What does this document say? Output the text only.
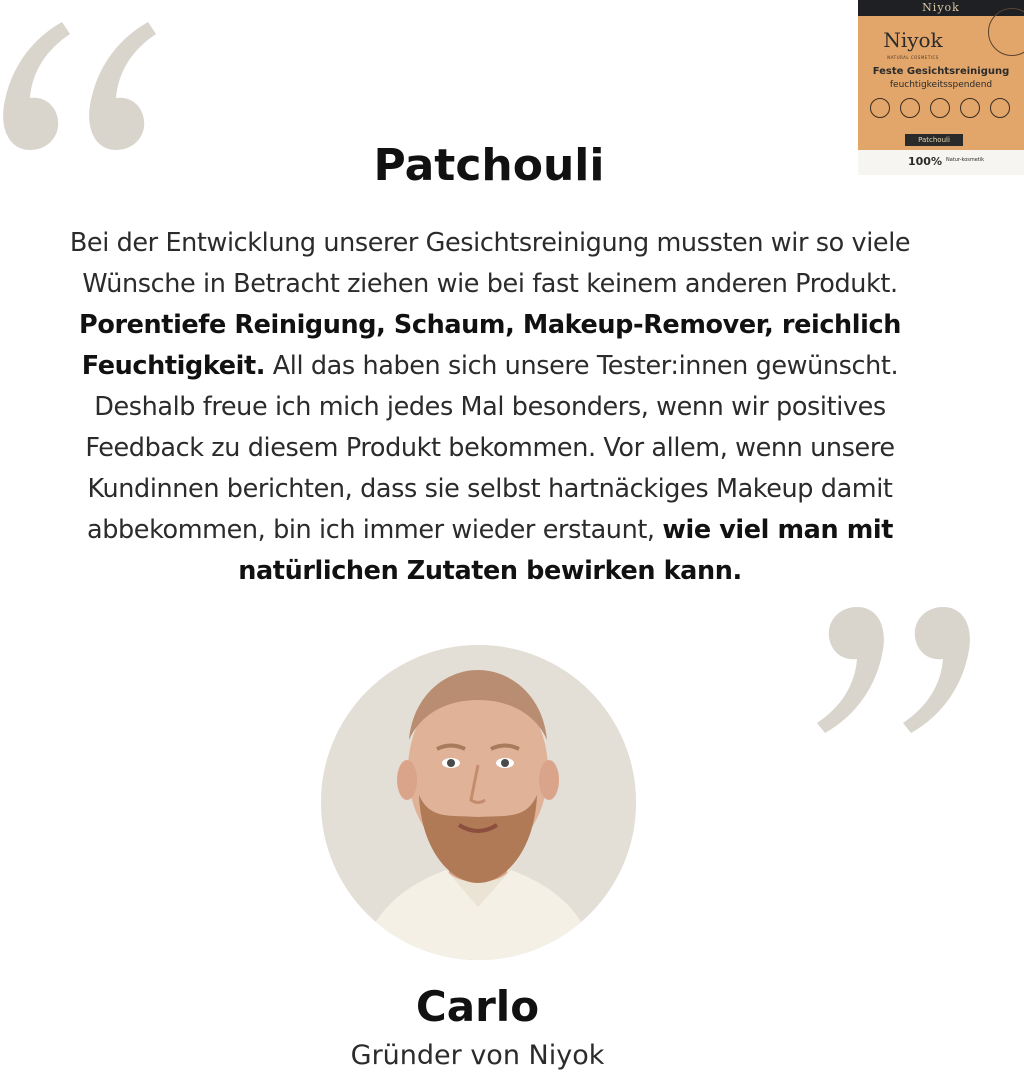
Niyok
Niyok
NATURAL COSMETICS
Feste Gesichtsreinigung
feuchtigkeitsspendend
Patchouli
100% Natur-kosmetik
Patchouli

Bei der Entwicklung unserer Gesichtsreinigung mussten wir so viele Wünsche in Betracht ziehen wie bei fast keinem anderen Produkt. Porentiefe Reinigung, Schaum, Makeup-Remover, reichlich Feuchtigkeit. All das haben sich unsere Tester:innen gewünscht. Deshalb freue ich mich jedes Mal besonders, wenn wir positives Feedback zu diesem Produkt bekommen. Vor allem, wenn unsere Kundinnen berichten, dass sie selbst hartnäckiges Makeup damit abbekommen, bin ich immer wieder erstaunt, wie viel man mit natürlichen Zutaten bewirken kann.

Carlo
Gründer von Niyok
